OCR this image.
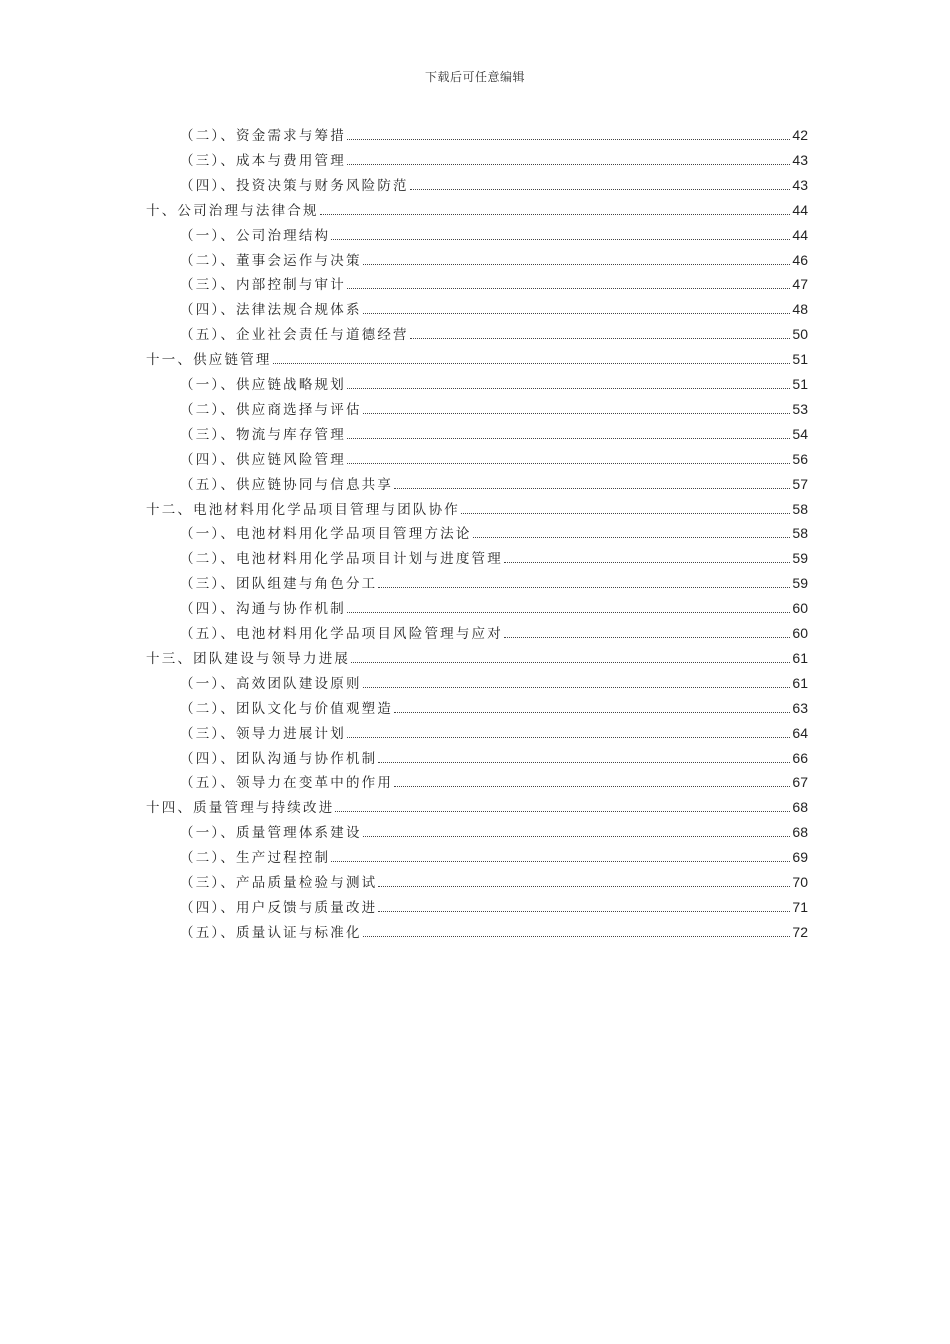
下载后可任意编辑
（二）、资金需求与筹措	42
（三）、成本与费用管理	43
（四）、投资决策与财务风险防范	43
十、公司治理与法律合规	44
（一）、公司治理结构	44
（二）、董事会运作与决策	46
（三）、内部控制与审计	47
（四）、法律法规合规体系	48
（五）、企业社会责任与道德经营	50
十一、供应链管理	51
（一）、供应链战略规划	51
（二）、供应商选择与评估	53
（三）、物流与库存管理	54
（四）、供应链风险管理	56
（五）、供应链协同与信息共享	57
十二、电池材料用化学品项目管理与团队协作	58
（一）、电池材料用化学品项目管理方法论	58
（二）、电池材料用化学品项目计划与进度管理	59
（三）、团队组建与角色分工	59
（四）、沟通与协作机制	60
（五）、电池材料用化学品项目风险管理与应对	60
十三、团队建设与领导力进展	61
（一）、高效团队建设原则	61
（二）、团队文化与价值观塑造	63
（三）、领导力进展计划	64
（四）、团队沟通与协作机制	66
（五）、领导力在变革中的作用	67
十四、质量管理与持续改进	68
（一）、质量管理体系建设	68
（二）、生产过程控制	69
（三）、产品质量检验与测试	70
（四）、用户反馈与质量改进	71
（五）、质量认证与标准化	72
